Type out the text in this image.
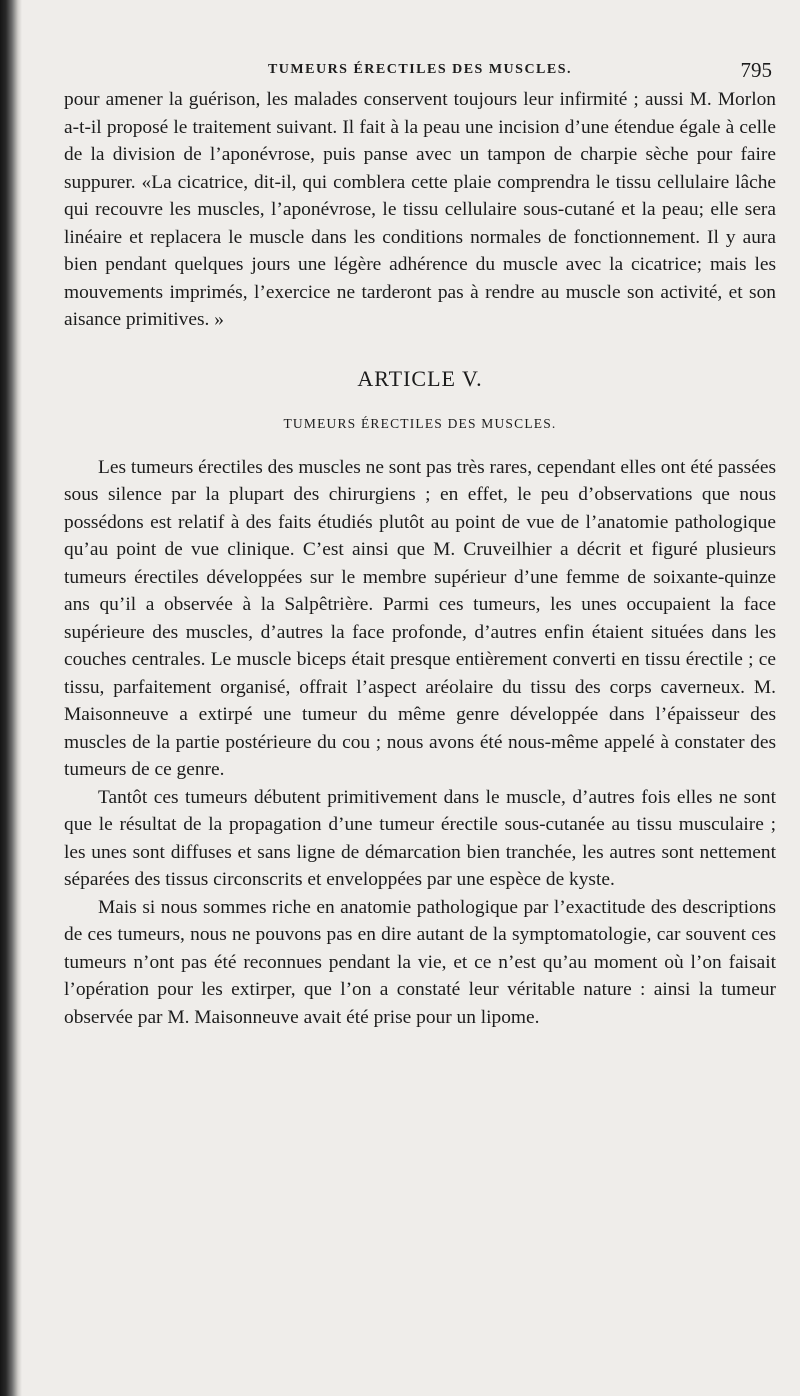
TUMEURS ÉRECTILES DES MUSCLES.	795

pour amener la guérison, les malades conservent toujours leur infirmité ; aussi M. Morlon a-t-il proposé le traitement suivant. Il fait à la peau une incision d’une étendue égale à celle de la division de l’aponévrose, puis panse avec un tampon de charpie sèche pour faire suppurer. «La cicatrice, dit-il, qui comblera cette plaie comprendra le tissu cellulaire lâche qui recouvre les muscles, l’aponévrose, le tissu cellulaire sous-cutané et la peau; elle sera linéaire et replacera le muscle dans les conditions normales de fonctionnement. Il y aura bien pendant quelques jours une légère adhérence du muscle avec la cicatrice; mais les mouvements imprimés, l’exercice ne tarderont pas à rendre au muscle son activité, et son aisance primitives. »

ARTICLE V.
TUMEURS ÉRECTILES DES MUSCLES.

Les tumeurs érectiles des muscles ne sont pas très rares, cependant elles ont été passées sous silence par la plupart des chirurgiens ; en effet, le peu d’observations que nous possédons est relatif à des faits étudiés plutôt au point de vue de l’anatomie pathologique qu’au point de vue clinique. C’est ainsi que M. Cruveilhier a décrit et figuré plusieurs tumeurs érectiles développées sur le membre supérieur d’une femme de soixante-quinze ans qu’il a observée à la Salpêtrière. Parmi ces tumeurs, les unes occupaient la face supérieure des muscles, d’autres la face profonde, d’autres enfin étaient situées dans les couches centrales. Le muscle biceps était presque entièrement converti en tissu érectile ; ce tissu, parfaitement organisé, offrait l’aspect aréolaire du tissu des corps caverneux. M. Maisonneuve a extirpé une tumeur du même genre développée dans l’épaisseur des muscles de la partie postérieure du cou ; nous avons été nous-même appelé à constater des tumeurs de ce genre.

Tantôt ces tumeurs débutent primitivement dans le muscle, d’autres fois elles ne sont que le résultat de la propagation d’une tumeur érectile sous-cutanée au tissu musculaire ; les unes sont diffuses et sans ligne de démarcation bien tranchée, les autres sont nettement séparées des tissus circonscrits et enveloppées par une espèce de kyste.

Mais si nous sommes riche en anatomie pathologique par l’exactitude des descriptions de ces tumeurs, nous ne pouvons pas en dire autant de la symptomatologie, car souvent ces tumeurs n’ont pas été reconnues pendant la vie, et ce n’est qu’au moment où l’on faisait l’opération pour les extirper, que l’on a constaté leur véritable nature : ainsi la tumeur observée par M. Maisonneuve avait été prise pour un lipome.
